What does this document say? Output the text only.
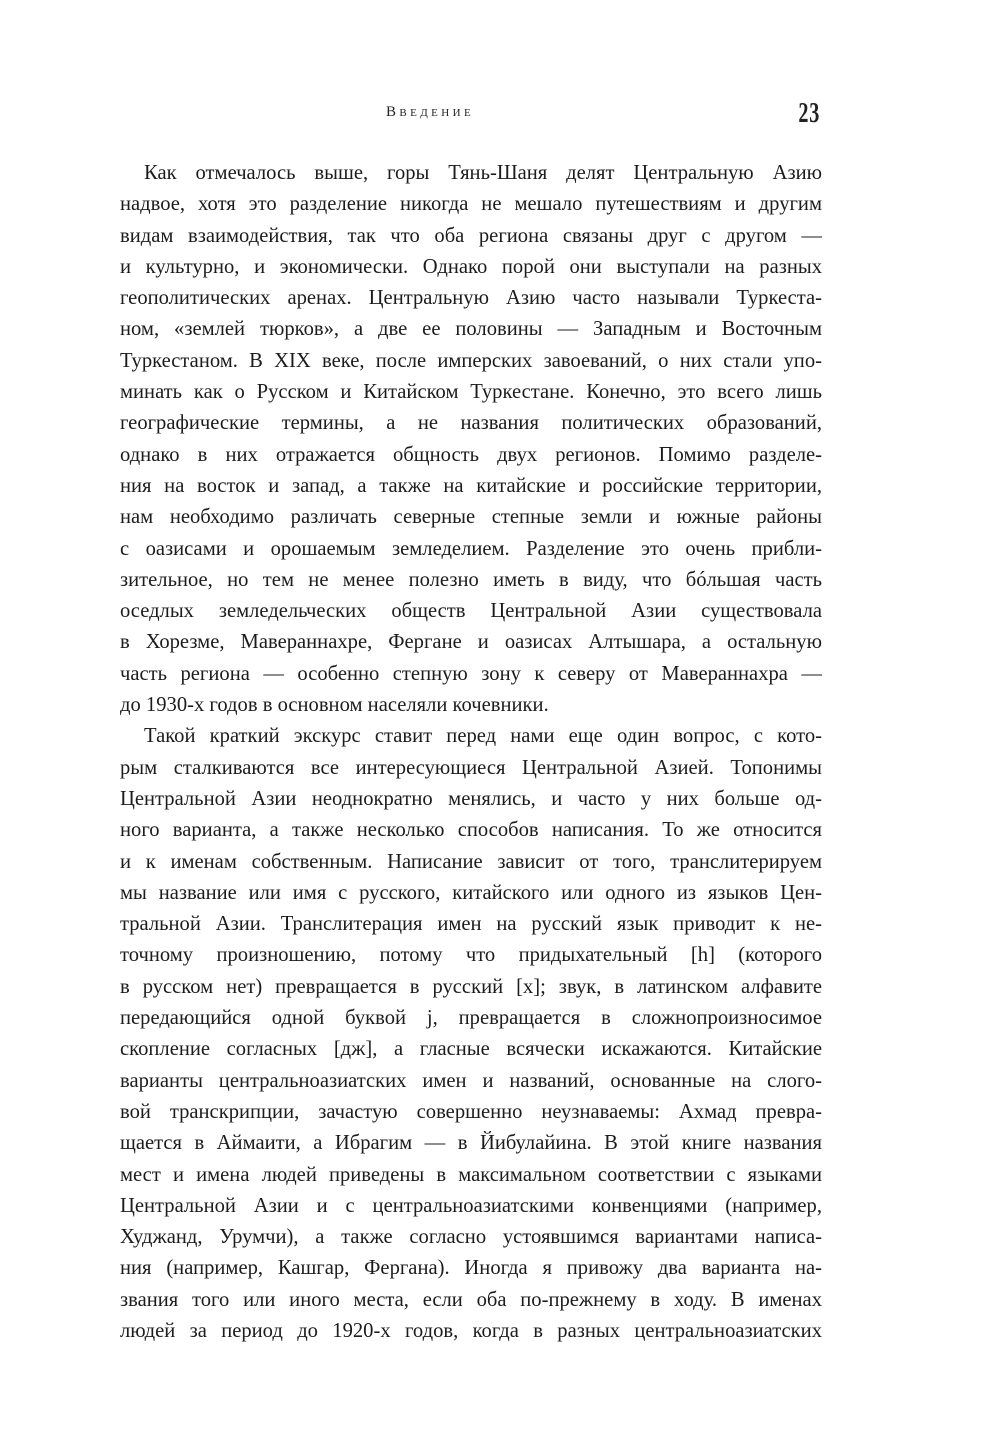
Введение	23
Как отмечалось выше, горы Тянь-Шаня делят Центральную Азию
надвое, хотя это разделение никогда не мешало путешествиям и другим
видам взаимодействия, так что оба региона связаны друг с другом —
и культурно, и экономически. Однако порой они выступали на разных
геополитических аренах. Центральную Азию часто называли Туркеста-
ном, «землей тюрков», а две ее половины — Западным и Восточным
Туркестаном. В XIX веке, после имперских завоеваний, о них стали упо-
минать как о Русском и Китайском Туркестане. Конечно, это всего лишь
географические термины, а не названия политических образований,
однако в них отражается общность двух регионов. Помимо разделе-
ния на восток и запад, а также на китайские и российские территории,
нам необходимо различать северные степные земли и южные районы
с оазисами и орошаемым земледелием. Разделение это очень прибли-
зительное, но тем не менее полезно иметь в виду, что бóльшая часть
оседлых земледельческих обществ Центральной Азии существовала
в Хорезме, Мавераннахре, Фергане и оазисах Алтышара, а остальную
часть региона — особенно степную зону к северу от Мавераннахра —
до 1930-х годов в основном населяли кочевники.
Такой краткий экскурс ставит перед нами еще один вопрос, с кото-
рым сталкиваются все интересующиеся Центральной Азией. Топонимы
Центральной Азии неоднократно менялись, и часто у них больше од-
ного варианта, а также несколько способов написания. То же относится
и к именам собственным. Написание зависит от того, транслитерируем
мы название или имя с русского, китайского или одного из языков Цен-
тральной Азии. Транслитерация имен на русский язык приводит к не-
точному произношению, потому что придыхательный [h] (которого
в русском нет) превращается в русский [х]; звук, в латинском алфавите
передающийся одной буквой j, превращается в сложнопроизносимое
скопление согласных [дж], а гласные всячески искажаются. Китайские
варианты центральноазиатских имен и названий, основанные на слого-
вой транскрипции, зачастую совершенно неузнаваемы: Ахмад превра-
щается в Аймаити, а Ибрагим — в Йибулайина. В этой книге названия
мест и имена людей приведены в максимальном соответствии с языками
Центральной Азии и с центральноазиатскими конвенциями (например,
Худжанд, Урумчи), а также согласно устоявшимся вариантами написа-
ния (например, Кашгар, Фергана). Иногда я привожу два варианта на-
звания того или иного места, если оба по-прежнему в ходу. В именах
людей за период до 1920-х годов, когда в разных центральноазиатских
